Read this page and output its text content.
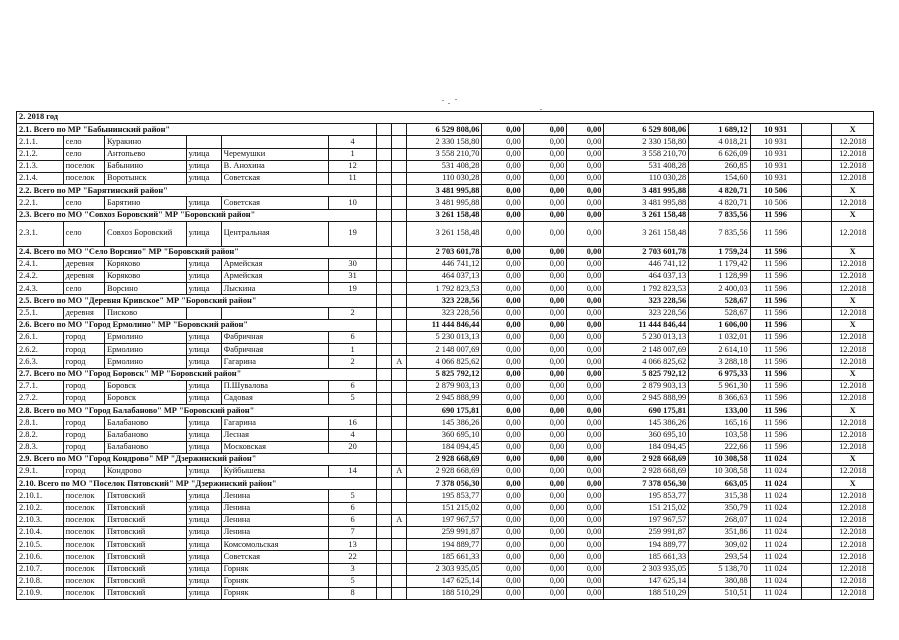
2. 2018 год																
2.1. Всего по МР "Бабынинский район"								6 529 808,06	0,00	0,00	0,00	6 529 808,06	1 689,12	10 931		X
2.1.1.	село	Куракино			4			2 330 158,80	0,00	0,00	0,00	2 330 158,80	4 018,21	10 931		12.2018
2.1.2.	село	Антопьево	улица	Черемушки	1			3 558 210,70	0,00	0,00	0,00	3 558 210,70	6 626,09	10 931		12.2018
2.1.3.	поселок	Бабынино	улица	В. Анохина	12			531 408,28	0,00	0,00	0,00	531 408,28	260,85	10 931		12.2018
2.1.4.	поселок	Воротынск	улица	Советская	11			110 030,28	0,00	0,00	0,00	110 030,28	154,60	10 931		12.2018
2.2. Всего по МР "Барятинский район"								3 481 995,88	0,00	0,00	0,00	3 481 995,88	4 820,71	10 506		X
2.2.1.	село	Барятино	улица	Советская	10			3 481 995,88	0,00	0,00	0,00	3 481 995,88	4 820,71	10 506		12.2018
2.3. Всего по МО "Совхоз Боровский" МР "Боровский район"								3 261 158,48	0,00	0,00	0,00	3 261 158,48	7 835,56	11 596		X
2.3.1.	село	Совхоз Боровский	улица	Центральная	19			3 261 158,48	0,00	0,00	0,00	3 261 158,48	7 835,56	11 596		12.2018
2.4. Всего по МО "Село Ворсино" МР "Боровский район"								2 703 601,78	0,00	0,00	0,00	2 703 601,78	1 759,24	11 596		X
2.4.1.	деревня	Коряково	улица	Армейская	30			446 741,12	0,00	0,00	0,00	446 741,12	1 179,42	11 596		12.2018
2.4.2.	деревня	Коряково	улица	Армейская	31			464 037,13	0,00	0,00	0,00	464 037,13	1 128,99	11 596		12.2018
2.4.3.	село	Ворсино	улица	Лыскина	19			1 792 823,53	0,00	0,00	0,00	1 792 823,53	2 400,03	11 596		12.2018
2.5. Всего по МО "Деревня Кривское" МР "Боровский район"								323 228,56	0,00	0,00	0,00	323 228,56	528,67	11 596		X
2.5.1.	деревня	Писково			2			323 228,56	0,00	0,00	0,00	323 228,56	528,67	11 596		12.2018
2.6. Всего по МО "Город Ермолино" МР "Боровский район"								11 444 846,44	0,00	0,00	0,00	11 444 846,44	1 606,00	11 596		X
2.6.1.	город	Ермолино	улица	Фабричная	6			5 230 013,13	0,00	0,00	0,00	5 230 013,13	1 032,01	11 596		12.2018
2.6.2.	город	Ермолино	улица	Фабричная	1			2 148 007,69	0,00	0,00	0,00	2 148 007,69	2 614,10	11 596		12.2018
2.6.3.	город	Ермолино	улица	Гагарина	2		А	4 066 825,62	0,00	0,00	0,00	4 066 825,62	3 288,18	11 596		12.2018
2.7. Всего по МО "Город Боровск" МР "Боровский район"								5 825 792,12	0,00	0,00	0,00	5 825 792,12	6 975,33	11 596		X
2.7.1.	город	Боровск	улица	П.Шувалова	6			2 879 903,13	0,00	0,00	0,00	2 879 903,13	5 961,30	11 596		12.2018
2.7.2.	город	Боровск	улица	Садовая	5			2 945 888,99	0,00	0,00	0,00	2 945 888,99	8 366,63	11 596		12.2018
2.8. Всего по МО "Город Балабаново" МР "Боровский район"								690 175,81	0,00	0,00	0,00	690 175,81	133,00	11 596		X
2.8.1.	город	Балабаново	улица	Гагарина	16			145 386,26	0,00	0,00	0,00	145 386,26	165,16	11 596		12.2018
2.8.2.	город	Балабаново	улица	Лесная	4			360 695,10	0,00	0,00	0,00	360 695,10	103,58	11 596		12.2018
2.8.3.	город	Балабаново	улица	Московская	20			184 094,45	0,00	0,00	0,00	184 094,45	222,66	11 596		12.2018
2.9. Всего по МО "Город Кондрово" МР "Дзержинский район"								2 928 668,69	0,00	0,00	0,00	2 928 668,69	10 308,58	11 024		X
2.9.1.	город	Кондрово	улица	Куйбышева	14		А	2 928 668,69	0,00	0,00	0,00	2 928 668,69	10 308,58	11 024		12.2018
2.10. Всего по МО "Поселок Пятовский" МР "Дзержинский район"								7 378 056,30	0,00	0,00	0,00	7 378 056,30	663,05	11 024		X
2.10.1.	поселок	Пятовский	улица	Ленина	5			195 853,77	0,00	0,00	0,00	195 853,77	315,38	11 024		12.2018
2.10.2.	поселок	Пятовский	улица	Ленина	6			151 215,02	0,00	0,00	0,00	151 215,02	350,79	11 024		12.2018
2.10.3.	поселок	Пятовский	улица	Ленина	6		А	197 967,57	0,00	0,00	0,00	197 967,57	268,07	11 024		12.2018
2.10.4.	поселок	Пятовский	улица	Ленина	7			259 991,87	0,00	0,00	0,00	259 991,87	351,86	11 024		12.2018
2.10.5.	поселок	Пятовский	улица	Комсомольская	13			194 889,77	0,00	0,00	0,00	194 889,77	309,02	11 024		12.2018
2.10.6.	поселок	Пятовский	улица	Советская	22			185 661,33	0,00	0,00	0,00	185 661,33	293,54	11 024		12.2018
2.10.7.	поселок	Пятовский	улица	Горняк	3			2 303 935,05	0,00	0,00	0,00	2 303 935,05	5 138,70	11 024		12.2018
2.10.8.	поселок	Пятовский	улица	Горняк	5			147 625,14	0,00	0,00	0,00	147 625,14	380,88	11 024		12.2018
2.10.9.	поселок	Пятовский	улица	Горняк	8			188 510,29	0,00	0,00	0,00	188 510,29	510,51	11 024		12.2018
